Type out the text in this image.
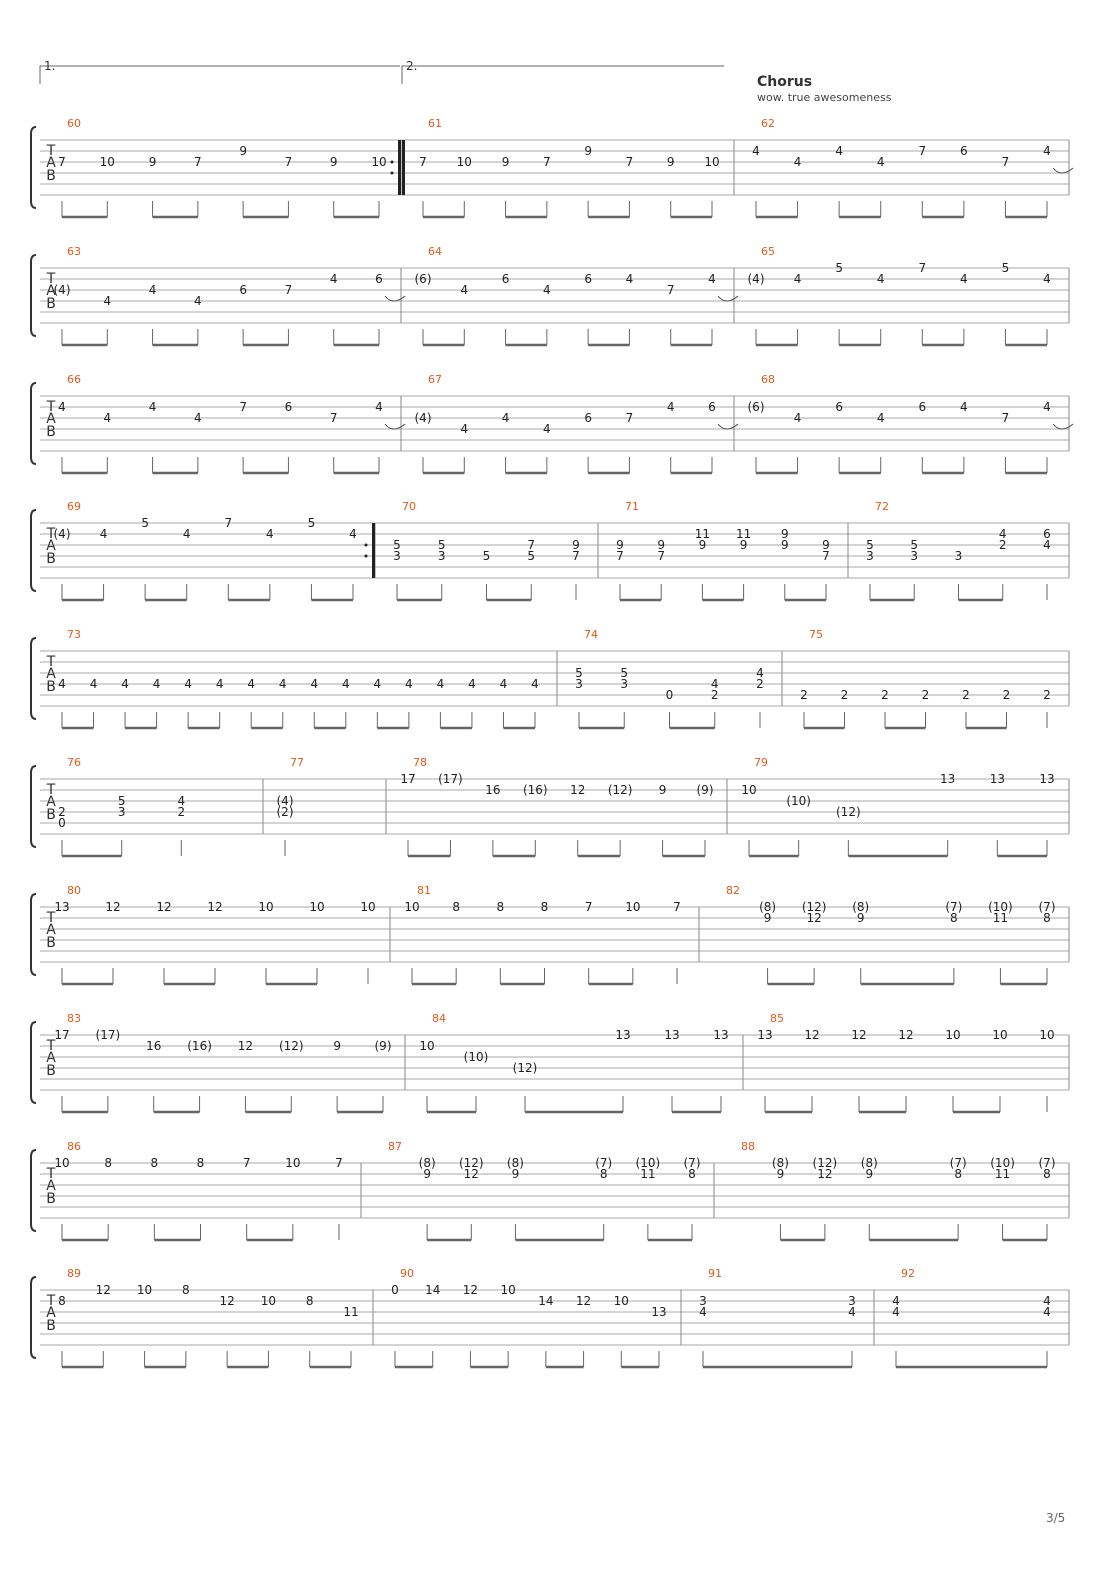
Chorus
wow. true awesomeness
3/5
1.	2.
T
A
B
60
7	10	9	7
9
7	9	10
61
7 10 9	7
9
7	9 10
62
4
4
4
4
7	6
7
4
T
A
B
63
(4)
4
4
4
6	7
4	6
64
(6)
4
6
4
6	4
7
4
65
(4) 4
5
4
7
4
5
4
T
A
B
66
4
4
4
4
7	6
7
4
67
(4)
4
4
4
6	7
4	6
68
(6)
4
6
4
6	4
7
4
T
A
B
69
(4) 4
5
4
7
4
5
4
70
5
3
5
3	5
7
5
9
7
71
9
7
9
7
11
9
11
9
9
9	9
7
72
5
3
5
3	3
4
2
6
4
T
A
B
73
4 4 4 4 4 4 4 4 4 4 4 4 4 4 4 4
74
5
3
5
3
0
4
2
4
2
75
2	2	2	2	2	2	2
T
A
B
76
2
0
5
3
4
2
77
(4)
(2)
78
17 (17)
16 (16) 12 (12) 9	(9)
79
10
(10)
(12)
13	13	13
T
A
B
80
13	12	12	12	10	10	10
81
10	8	8	8	7	10	7
82
(8)
9
(12)
12
(8)
9
(7)
8
(10)
11
(7)
8
T
A
B
83
17 (17)
16 (16) 12 (12) 9	(9)
84
10
(10)
(12)
13	13	13
85
13	12	12	12	10	10	10
T
A
B
86
10	8	8	8	7	10	7
87
(8)
9
(12)
12
(8)
9
(7)
8
(10)
11
(7)
8
88
(8)
9
(12)
12
(8)
9
(7)
8
(10)
11
(7)
8
T
A
B
89
8
12 10 8
12 10 8
11
90
0 14 12 10
14 12 10
13
91
3
4
3
4
92
4
4
4
4
